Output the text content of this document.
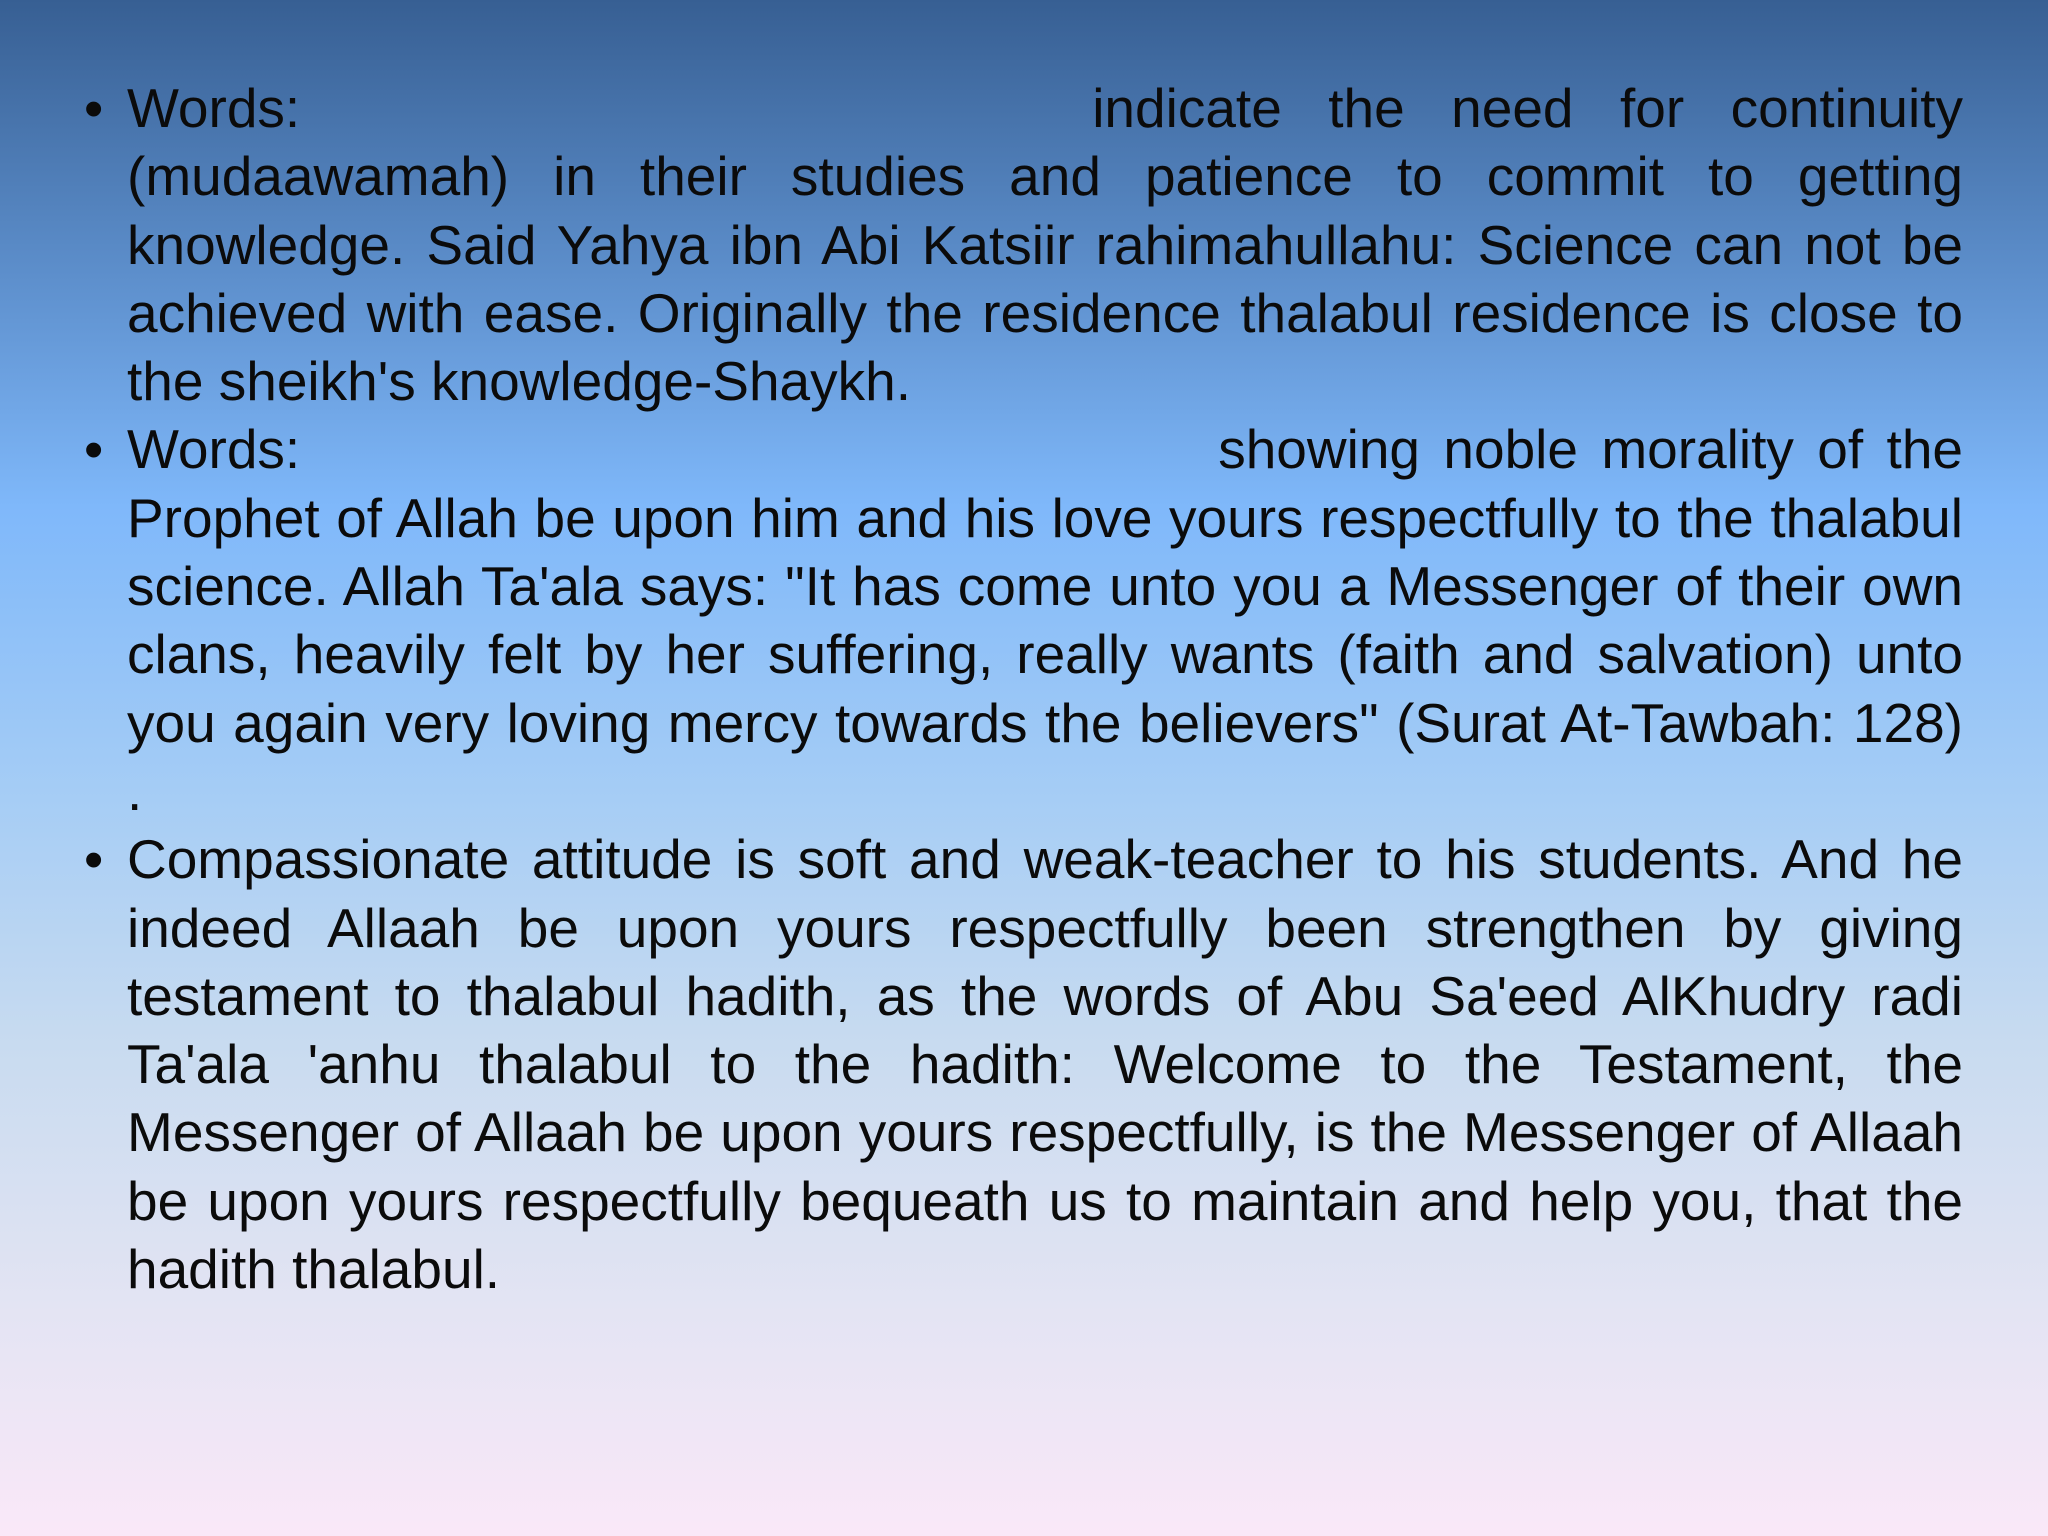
• Words:	indicate the need for continuity (mudaawamah) in their studies and patience to commit to getting knowledge. Said Yahya ibn Abi Katsiir rahimahullahu: Science can not be achieved with ease. Originally the residence thalabul residence is close to the sheikh's knowledge-Shaykh.
• Words:	showing noble morality of the Prophet of Allah be upon him and his love yours respectfully to the thalabul science. Allah Ta'ala says: "It has come unto you a Messenger of their own clans, heavily felt by her suffering, really wants (faith and salvation) unto you again very loving mercy towards the believers" (Surat At-Tawbah: 128) .
• Compassionate attitude is soft and weak-teacher to his students. And he indeed Allaah be upon yours respectfully been strengthen by giving testament to thalabul hadith, as the words of Abu Sa'eed AlKhudry radi Ta'ala 'anhu thalabul to the hadith: Welcome to the Testament, the Messenger of Allaah be upon yours respectfully, is the Messenger of Allaah be upon yours respectfully bequeath us to maintain and help you, that the hadith thalabul.
